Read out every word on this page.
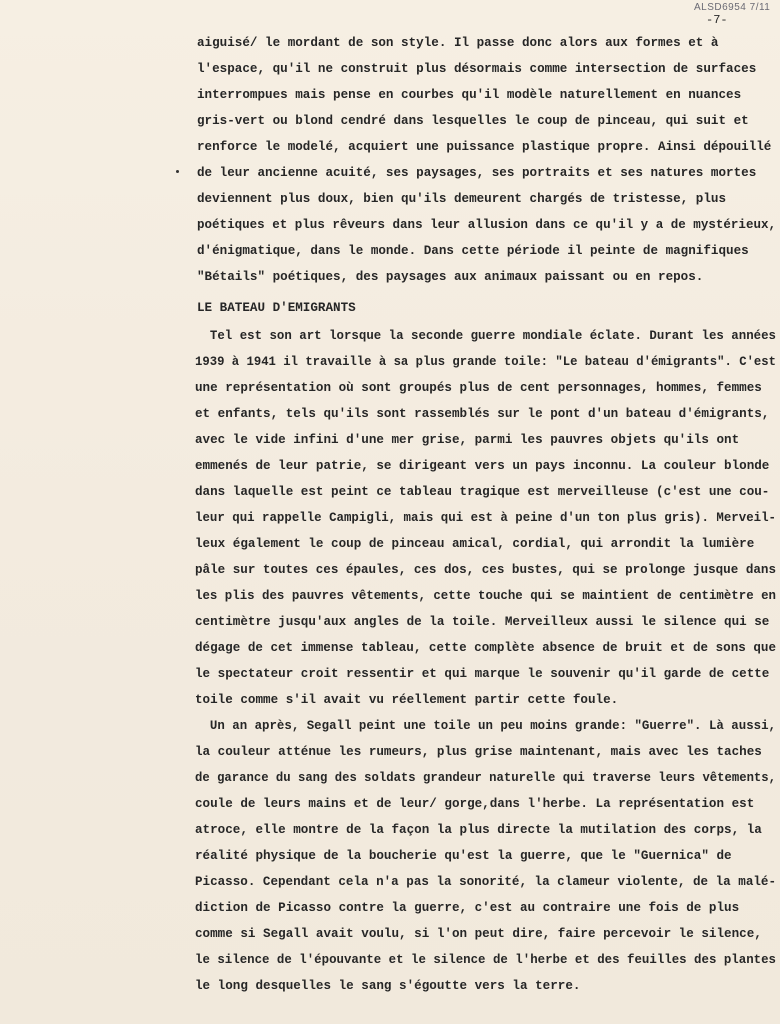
ALSD6954 7/11
-7-
aiguisé/ le mordant de son style. Il passe donc alors aux formes et à
l'espace, qu'il ne construit plus désormais comme intersection de surfaces
interrompues mais pense en courbes qu'il modèle naturellement en nuances
gris-vert ou blond cendré dans lesquelles le coup de pinceau, qui suit et
renforce le modelé, acquiert une puissance plastique propre. Ainsi dépouillé
de leur ancienne acuité, ses paysages, ses portraits et ses natures mortes
deviennent plus doux, bien qu'ils demeurent chargés de tristesse, plus
poétiques et plus rêveurs dans leur allusion dans ce qu'il y a de mystérieux,
d'énigmatique, dans le monde. Dans cette période il peinte de magnifiques
"Bétails" poétiques, des paysages aux animaux paissant ou en repos.
LE BATEAU D'EMIGRANTS
Tel est son art lorsque la seconde guerre mondiale éclate. Durant les années
1939 à 1941 il travaille à sa plus grande toile: "Le bateau d'émigrants". C'est
une représentation où sont groupés plus de cent personnages, hommes, femmes
et enfants, tels qu'ils sont rassemblés sur le pont d'un bateau d'émigrants,
avec le vide infini d'une mer grise, parmi les pauvres objets qu'ils ont
emmenés de leur patrie, se dirigeant vers un pays inconnu. La couleur blonde
dans laquelle est peint ce tableau tragique est merveilleuse (c'est une cou-
leur qui rappelle Campigli, mais qui est à peine d'un ton plus gris). Merveil-
leux également le coup de pinceau amical, cordial, qui arrondit la lumière
pâle sur toutes ces épaules, ces dos, ces bustes, qui se prolonge jusque dans
les plis des pauvres vêtements, cette touche qui se maintient de centimètre en
centimètre jusqu'aux angles de la toile. Merveilleux aussi le silence qui se
dégage de cet immense tableau, cette complète absence de bruit et de sons que
le spectateur croit ressentir et qui marque le souvenir qu'il garde de cette
toile comme s'il avait vu réellement partir cette foule.
Un an après, Segall peint une toile un peu moins grande: "Guerre". Là aussi,
la couleur atténue les rumeurs, plus grise maintenant, mais avec les taches
de garance du sang des soldats grandeur naturelle qui traverse leurs vêtements,
coule de leurs mains et de leur/ gorge,dans l'herbe. La représentation est
atroce, elle montre de la façon la plus directe la mutilation des corps, la
réalité physique de la boucherie qu'est la guerre, que le "Guernica" de
Picasso. Cependant cela n'a pas la sonorité, la clameur violente, de la malé-
diction de Picasso contre la guerre, c'est au contraire une fois de plus
comme si Segall avait voulu, si l'on peut dire, faire percevoir le silence,
le silence de l'épouvante et le silence de l'herbe et des feuilles des plantes
le long desquelles le sang s'égoutte vers la terre.
